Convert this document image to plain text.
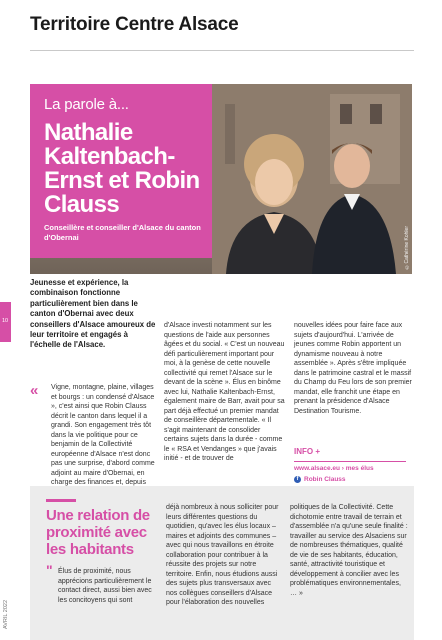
Territoire Centre Alsace
©Cathérine Kohler
La parole à...
Nathalie Kaltenbach-Ernst et Robin Clauss
Conseillère et conseiller d'Alsace du canton d'Obernai
10
Jeunesse et expérience, la combinaison fonctionne particulièrement bien dans le canton d'Obernai avec deux conseillers d'Alsace amoureux de leur territoire et engagés à l'échelle de l'Alsace.
« Vigne, montagne, plaine, villages et bourgs : un condensé d'Alsace », c'est ainsi que Robin Clauss décrit le canton dans lequel il a grandi. Son engagement très tôt dans la vie politique pour ce benjamin de la Collectivité européenne d'Alsace n'est donc pas une surprise, d'abord comme adjoint au maire d'Obernai, en charge des finances et, depuis
d'Alsace investi notamment sur les questions de l'aide aux personnes âgées et du social. « C'est un nouveau défi particulièrement important pour moi, à la genèse de cette nouvelle collectivité qui remet l'Alsace sur le devant de la scène ». Élus en binôme avec lui, Nathalie Kaltenbach-Ernst, également maire de Barr, avait pour sa part déjà effectué un premier mandat de conseillère départementale. « Il s'agit maintenant de consolider certains sujets dans la durée - comme le « RSA et Vendanges » que j'avais initié - et de trouver de
nouvelles idées pour faire face aux sujets d'aujourd'hui. L'arrivée de jeunes comme Robin apportent un dynamisme nouveau à notre assemblée ». Après s'être impliquée dans le patrimoine castral et le massif du Champ du Feu lors de son premier mandat, elle franchit une étape en prenant la présidence d'Alsace Destination Tourisme.
INFO +
www.alsace.eu › mes élus
f Robin Clauss
Une relation de proximité avec les habitants
" Élus de proximité, nous apprécions particulièrement le contact direct, aussi bien avec les concitoyens qui sont
déjà nombreux à nous solliciter pour leurs différentes questions du quotidien, qu'avec les élus locaux – maires et adjoints des communes – avec qui nous travaillons en étroite collaboration pour contribuer à la réussite des projets sur notre territoire. Enfin, nous étudions aussi des sujets plus transversaux avec nos collègues conseillers d'Alsace pour l'élaboration des nouvelles
politiques de la Collectivité. Cette dichotomie entre travail de terrain et d'assemblée n'a qu'une seule finalité : travailler au service des Alsaciens sur de nombreuses thématiques, qualité de vie de ses habitants, éducation, santé, attractivité touristique et développement à concilier avec les problématiques environnementales, … »
AVRIL 2022
